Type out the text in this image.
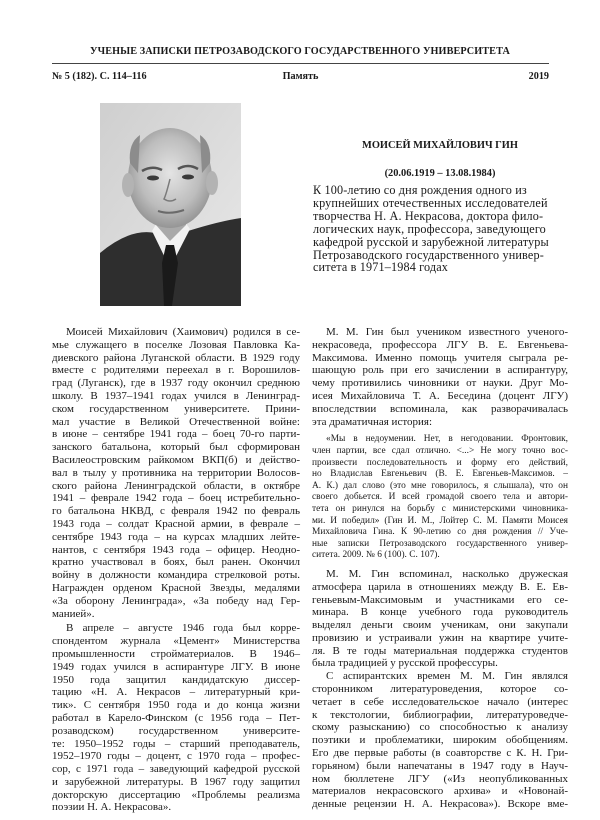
УЧЕНЫЕ ЗАПИСКИ ПЕТРОЗАВОДСКОГО ГОСУДАРСТВЕННОГО УНИВЕРСИТЕТА
№ 5 (182). С. 114–116	Память	2019
МОИСЕЙ МИХАЙЛОВИЧ ГИН
(20.06.1919 – 13.08.1984)
К 100-летию со дня рождения одного из
крупнейших отечественных исследователей
творчества Н. А. Некрасова, доктора фило-
логических наук, профессора, заведующего
кафедрой русской и зарубежной литературы
Петрозаводского государственного универ-
ситета в 1971–1984 годах
Моисей Михайлович (Хаимович) родился в се-
мье служащего в поселке Лозовая Павловка Ка-
диевского района Луганской области. В 1929 году
вместе с родителями переехал в г. Ворошилов-
град (Луганск), где в 1937 году окончил среднюю
школу. В 1937–1941 годах учился в Ленинград-
ском государственном университете. Прини-
мал участие в Великой Отечественной войне:
в июне – сентябре 1941 года – боец 70-го парти-
занского батальона, который был сформирован
Василеостровским райкомом ВКП(б) и действо-
вал в тылу у противника на территории Волосов-
ского района Ленинградской области, в октябре
1941 – феврале 1942 года – боец истребительно-
го батальона НКВД, с февраля 1942 по февраль
1943 года – солдат Красной армии, в феврале –
сентябре 1943 года – на курсах младших лейте-
нантов, с сентября 1943 года – офицер. Неодно-
кратно участвовал в боях, был ранен. Окончил
войну в должности командира стрелковой роты.
Награжден орденом Красной Звезды, медалями
«За оборону Ленинграда», «За победу над Гер-
манией».
В апреле – августе 1946 года был корре-
спондентом журнала «Цемент» Министерства
промышленности стройматериалов. В 1946–
1949 годах учился в аспирантуре ЛГУ. В июне
1950 года защитил кандидатскую диссер-
тацию «Н. А. Некрасов – литературный кри-
тик». С сентября 1950 года и до конца жизни
работал в Карело-Финском (с 1956 года – Пет-
розаводском) государственном университе-
те: 1950–1952 годы – старший преподаватель,
1952–1970 годы – доцент, с 1970 года – профес-
сор, с 1971 года – заведующий кафедрой русской
и зарубежной литературы. В 1967 году защитил
докторскую диссертацию «Проблемы реализма
поэзии Н. А. Некрасова».
М. М. Гин был учеником известного ученого-
некрасоведа, профессора ЛГУ В. Е. Евгеньева-
Максимова. Именно помощь учителя сыграла ре-
шающую роль при его зачислении в аспирантуру,
чему противились чиновники от науки. Друг Мо-
исея Михайловича Т. А. Беседина (доцент ЛГУ)
впоследствии вспоминала, как разворачивалась
эта драматичная история:
«Мы в недоумении. Нет, в негодовании. Фронтовик,
член партии, все сдал отлично. <...> Не могу точно вос-
произвести последовательность и форму его действий,
но Владислав Евгеньевич (В. Е. Евгеньев-Максимов. –
А. К.) дал слово (это мне говорилось, я слышала), что он
своего добьется. И всей громадой своего тела и автори-
тета он ринулся на борьбу с министерскими чиновника-
ми. И победил» (Гин И. М., Лойтер С. М. Памяти Моисея
Михайловича Гина. К 90-летию со дня рождения // Уче-
ные записки Петрозаводского государственного универ-
ситета. 2009. № 6 (100). С. 107).
М. М. Гин вспоминал, насколько дружеская
атмосфера царила в отношениях между В. Е. Ев-
геньевым-Максимовым и участниками его се-
минара. В конце учебного года руководитель
выделял деньги своим ученикам, они закупали
провизию и устраивали ужин на квартире учите-
ля. В те годы материальная поддержка студентов
была традицией у русской профессуры.
С аспирантских времен М. М. Гин являлся
сторонником литературоведения, которое со-
четает в себе исследовательское начало (интерес
к текстологии, библиографии, литературоведче-
скому разысканию) со способностью к анализу
поэтики и проблематики, широким обобщениям.
Его две первые работы (в соавторстве с К. Н. Гри-
горьяном) были напечатаны в 1947 году в Науч-
ном бюллетене ЛГУ («Из неопубликованных
материалов некрасовского архива» и «Новонай-
денные рецензии Н. А. Некрасова»). Вскоре вме-
